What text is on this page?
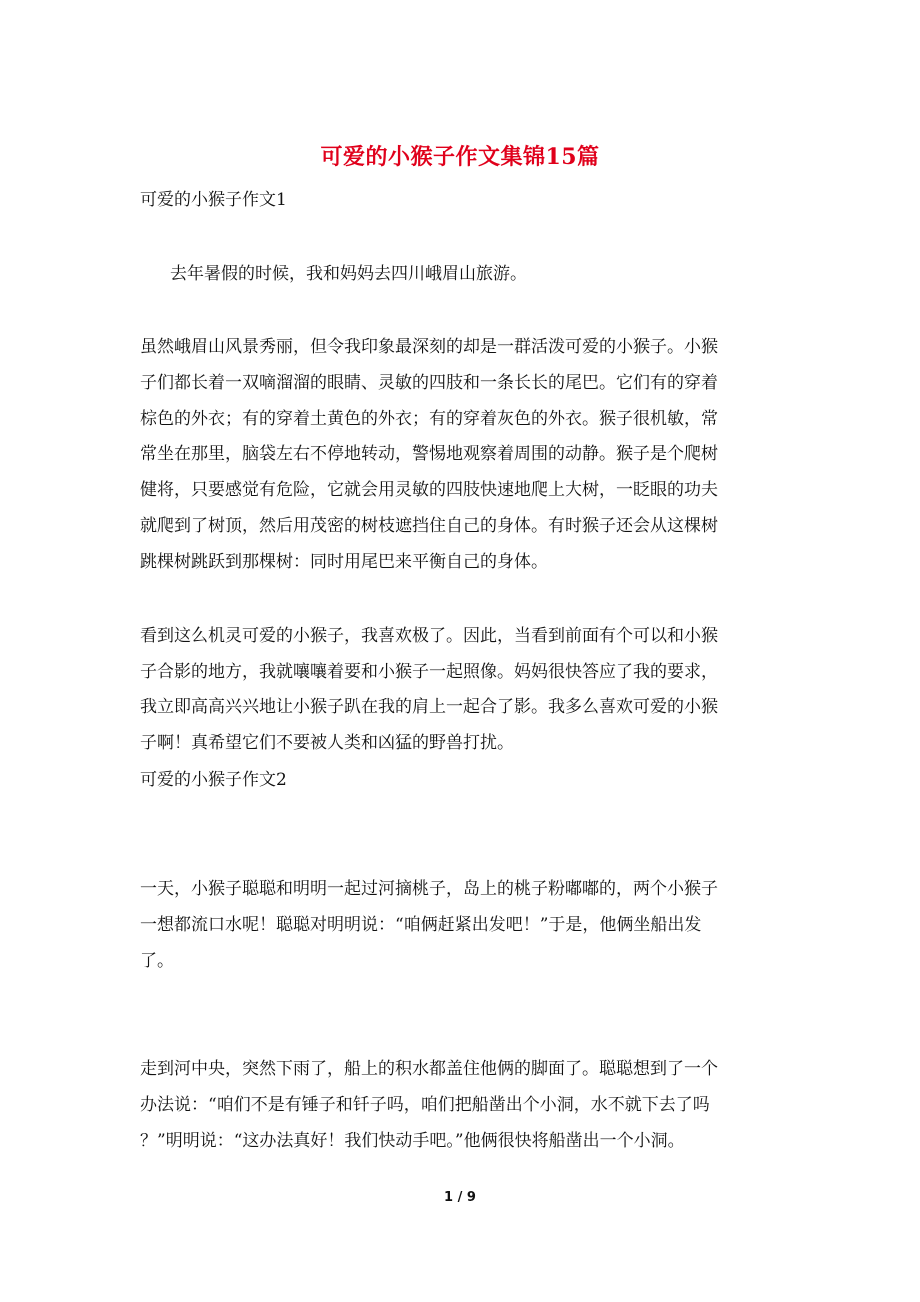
可爱的小猴子作文集锦15篇
可爱的小猴子作文1
去年暑假的时候，我和妈妈去四川峨眉山旅游。
虽然峨眉山风景秀丽，但令我印象最深刻的却是一群活泼可爱的小猴子。小猴
子们都长着一双嘀溜溜的眼睛、灵敏的四肢和一条长长的尾巴。它们有的穿着
棕色的外衣；有的穿着土黄色的外衣；有的穿着灰色的外衣。猴子很机敏，常
常坐在那里，脑袋左右不停地转动，警惕地观察着周围的动静。猴子是个爬树
健将，只要感觉有危险，它就会用灵敏的四肢快速地爬上大树，一眨眼的功夫
就爬到了树顶，然后用茂密的树枝遮挡住自己的身体。有时猴子还会从这棵树
跳棵树跳跃到那棵树：同时用尾巴来平衡自己的身体。
看到这么机灵可爱的小猴子，我喜欢极了。因此，当看到前面有个可以和小猴
子合影的地方，我就嚷嚷着要和小猴子一起照像。妈妈很快答应了我的要求，
我立即高高兴兴地让小猴子趴在我的肩上一起合了影。我多么喜欢可爱的小猴
子啊！真希望它们不要被人类和凶猛的野兽打扰。
可爱的小猴子作文2
一天，小猴子聪聪和明明一起过河摘桃子，岛上的桃子粉嘟嘟的，两个小猴子
一想都流口水呢！聪聪对明明说：“咱俩赶紧出发吧！”于是，他俩坐船出发
了。
走到河中央，突然下雨了，船上的积水都盖住他俩的脚面了。聪聪想到了一个
办法说：“咱们不是有锤子和钎子吗，咱们把船凿出个小洞，水不就下去了吗
？”明明说：“这办法真好！我们快动手吧。”他俩很快将船凿出一个小洞。
1 / 9
